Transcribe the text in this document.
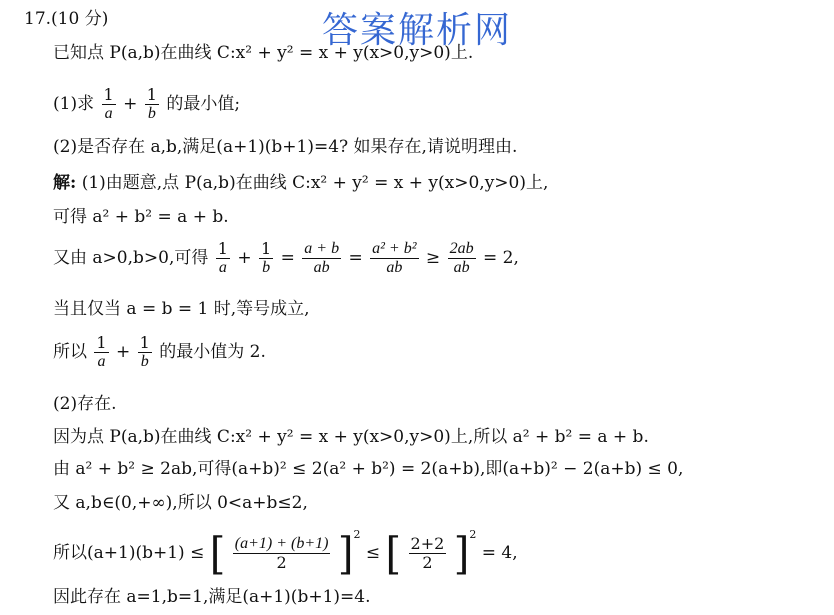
答案解析网
17.(10 分)
已知点 P(a,b)在曲线 C:x² + y² = x + y(x>0,y>0)上.
(1)求 $\frac{1}{a} + \frac{1}{b}$ 的最小值;
(2)是否存在 a,b,满足(a+1)(b+1)=4? 如果存在,请说明理由.
解: (1)由题意,点 P(a,b)在曲线 C:x² + y² = x + y(x>0,y>0)上,
可得 a² + b² = a + b.
又由 a>0,b>0,可得 $\frac{1}{a} + \frac{1}{b} = \frac{a + b}{ab} = \frac{\text{a² + b²}}{ab} \ge \frac{2ab}{ab} = 2$,
当且仅当 a = b = 1 时,等号成立,
所以 $\frac{1}{a} + \frac{1}{b}$ 的最小值为 2.
(2)存在.
因为点 P(a,b)在曲线 C:x² + y² = x + y(x>0,y>0)上,所以 a² + b² = a + b.
由 a² + b² ≥ 2ab,可得(a+b)² ≤ 2(a² + b²) = 2(a+b),即(a+b)² − 2(a+b) ≤ 0,
又 a,b∈(0,+∞),所以 0<a+b≤2,
所以(a+1)(b+1) ≤ [ $\frac{(a+1) + (b+1)}{2} ]^2$ ≤ [ $\frac{2+2}{2} ]^2 = 4$,
因此存在 a=1,b=1,满足(a+1)(b+1)=4.
